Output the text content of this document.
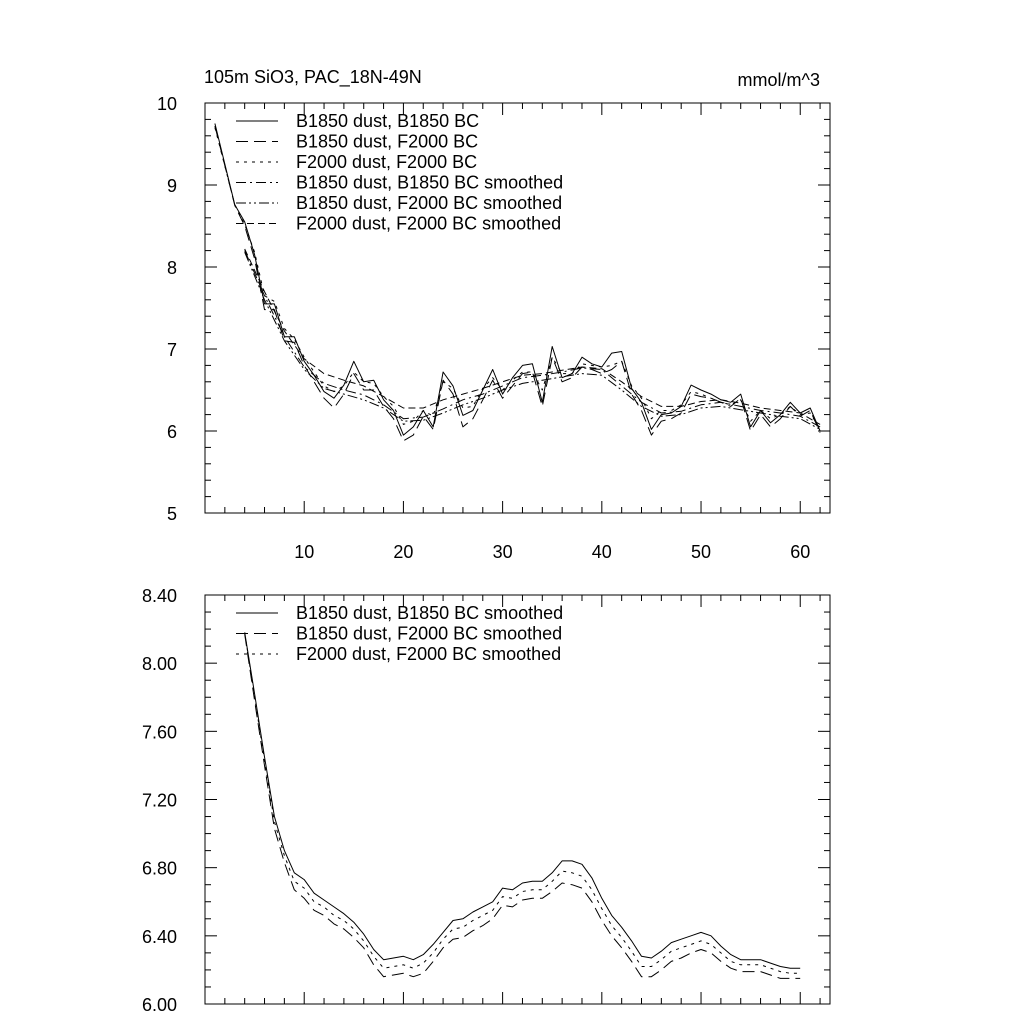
105m SiO3, PAC_18N-49N	mmol/m^3
10	20	30	40	50	60
5
6
7
8
9
10
B1850 dust, B1850 BC
B1850 dust, F2000 BC
F2000 dust, F2000 BC
B1850 dust, B1850 BC smoothed
B1850 dust, F2000 BC smoothed
F2000 dust, F2000 BC smoothed
6.00
6.40
6.80
7.20
7.60
8.00
8.40
B1850 dust, B1850 BC smoothed
B1850 dust, F2000 BC smoothed
F2000 dust, F2000 BC smoothed
